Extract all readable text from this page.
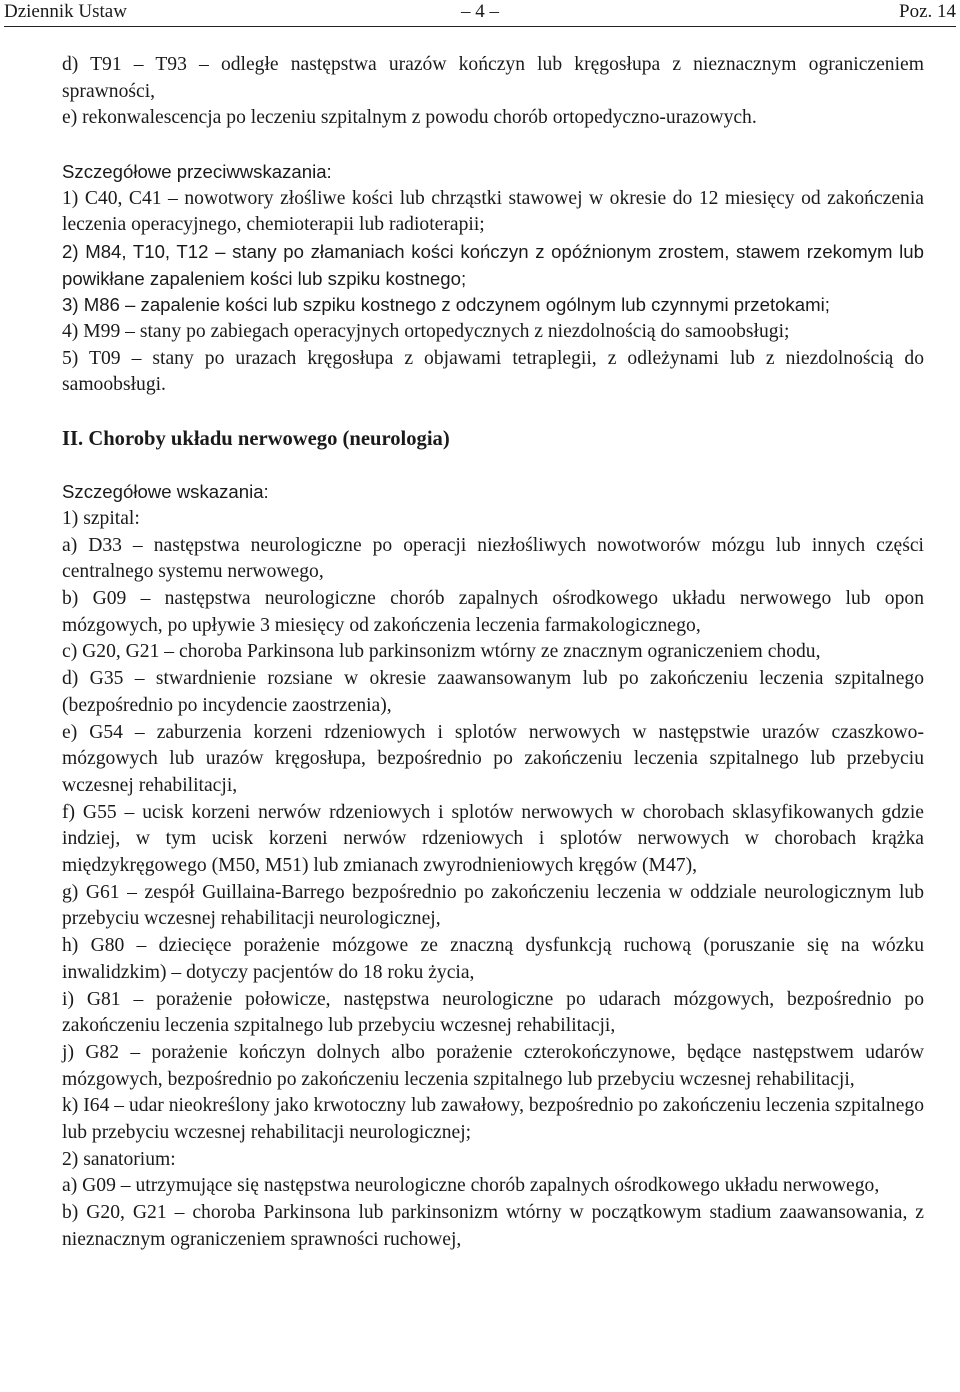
Dziennik Ustaw	– 4 –	Poz. 14

d) T91 – T93 – odległe następstwa urazów kończyn lub kręgosłupa z nieznacznym ograniczeniem sprawności,

e) rekonwalescencja po leczeniu szpitalnym z powodu chorób ortopedyczno-urazowych.

Szczegółowe przeciwwskazania:

1) C40, C41 – nowotwory złośliwe kości lub chrząstki stawowej w okresie do 12 miesięcy od zakończenia leczenia operacyjnego, chemioterapii lub radioterapii;

2) M84, T10, T12 – stany po złamaniach kości kończyn z opóźnionym zrostem, stawem rzekomym lub powikłane zapaleniem kości lub szpiku kostnego;

3) M86 – zapalenie kości lub szpiku kostnego z odczynem ogólnym lub czynnymi przetokami;

4) M99 – stany po zabiegach operacyjnych ortopedycznych z niezdolnością do samoobsługi;

5) T09 – stany po urazach kręgosłupa z objawami tetraplegii, z odleżynami lub z niezdolnością do samoobsługi.

II. Choroby układu nerwowego (neurologia)

Szczegółowe wskazania:

1) szpital:

a) D33 – następstwa neurologiczne po operacji niezłośliwych nowotworów mózgu lub innych części centralnego systemu nerwowego,

b) G09 – następstwa neurologiczne chorób zapalnych ośrodkowego układu nerwowego lub opon mózgowych, po upływie 3 miesięcy od zakończenia leczenia farmakologicznego,

c) G20, G21 – choroba Parkinsona lub parkinsonizm wtórny ze znacznym ograniczeniem chodu,

d) G35 – stwardnienie rozsiane w okresie zaawansowanym lub po zakończeniu leczenia szpitalnego (bezpośrednio po incydencie zaostrzenia),

e) G54 – zaburzenia korzeni rdzeniowych i splotów nerwowych w następstwie urazów czaszkowo-mózgowych lub urazów kręgosłupa, bezpośrednio po zakończeniu leczenia szpitalnego lub przebyciu wczesnej rehabilitacji,

f) G55 – ucisk korzeni nerwów rdzeniowych i splotów nerwowych w chorobach sklasyfikowanych gdzie indziej, w tym ucisk korzeni nerwów rdzeniowych i splotów nerwowych w chorobach krążka międzykręgowego (M50, M51) lub zmianach zwyrodnieniowych kręgów (M47),

g) G61 – zespół Guillaina-Barrego bezpośrednio po zakończeniu leczenia w oddziale neurologicznym lub przebyciu wczesnej rehabilitacji neurologicznej,

h) G80 – dziecięce porażenie mózgowe ze znaczną dysfunkcją ruchową (poruszanie się na wózku inwalidzkim) – dotyczy pacjentów do 18 roku życia,

i) G81 – porażenie połowicze, następstwa neurologiczne po udarach mózgowych, bezpośrednio po zakończeniu leczenia szpitalnego lub przebyciu wczesnej rehabilitacji,

j) G82 – porażenie kończyn dolnych albo porażenie czterokończynowe, będące następstwem udarów mózgowych, bezpośrednio po zakończeniu leczenia szpitalnego lub przebyciu wczesnej rehabilitacji,

k) I64 – udar nieokreślony jako krwotoczny lub zawałowy, bezpośrednio po zakończeniu leczenia szpitalnego lub przebyciu wczesnej rehabilitacji neurologicznej;

2) sanatorium:

a) G09 – utrzymujące się następstwa neurologiczne chorób zapalnych ośrodkowego układu nerwowego,

b) G20, G21 – choroba Parkinsona lub parkinsonizm wtórny w początkowym stadium zaawansowania, z nieznacznym ograniczeniem sprawności ruchowej,
